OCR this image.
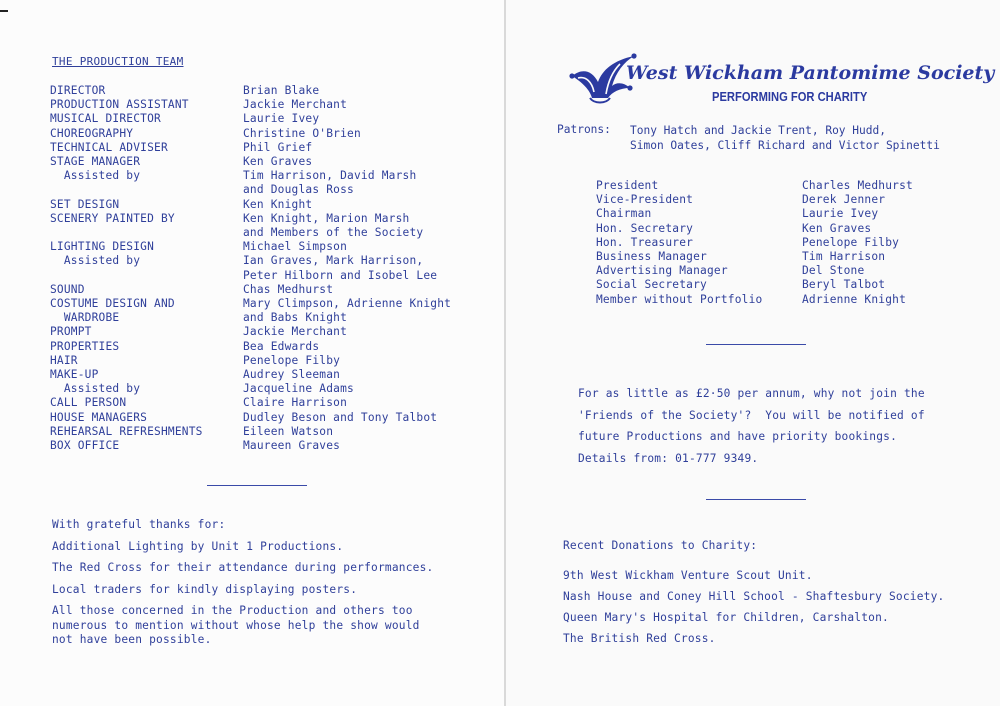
THE PRODUCTION TEAM
DIRECTOR
PRODUCTION ASSISTANT
MUSICAL DIRECTOR
CHOREOGRAPHY
TECHNICAL ADVISER
STAGE MANAGER
Assisted by

SET DESIGN
SCENERY PAINTED BY

LIGHTING DESIGN
Assisted by

SOUND
COSTUME DESIGN AND
WARDROBE
PROMPT
PROPERTIES
HAIR
MAKE-UP
Assisted by
CALL PERSON
HOUSE MANAGERS
REHEARSAL REFRESHMENTS
BOX OFFICE
Brian Blake
Jackie Merchant
Laurie Ivey
Christine O'Brien
Phil Grief
Ken Graves
Tim Harrison, David Marsh
and Douglas Ross
Ken Knight
Ken Knight, Marion Marsh
and Members of the Society
Michael Simpson
Ian Graves, Mark Harrison,
Peter Hilborn and Isobel Lee
Chas Medhurst
Mary Climpson, Adrienne Knight
and Babs Knight
Jackie Merchant
Bea Edwards
Penelope Filby
Audrey Sleeman
Jacqueline Adams
Claire Harrison
Dudley Beson and Tony Talbot
Eileen Watson
Maureen Graves
With grateful thanks for:
Additional Lighting by Unit 1 Productions.
The Red Cross for their attendance during performances.
Local traders for kindly displaying posters.
All those concerned in the Production and others too
numerous to mention without whose help the show would
not have been possible.
West Wickham Pantomime Society
PERFORMING FOR CHARITY
Patrons: Tony Hatch and Jackie Trent, Roy Hudd,
Simon Oates, Cliff Richard and Victor Spinetti
President
Vice-President
Chairman
Hon. Secretary
Hon. Treasurer
Business Manager
Advertising Manager
Social Secretary
Member without Portfolio
Charles Medhurst
Derek Jenner
Laurie Ivey
Ken Graves
Penelope Filby
Tim Harrison
Del Stone
Beryl Talbot
Adrienne Knight
For as little as £2·50 per annum, why not join the
'Friends of the Society'?  You will be notified of
future Productions and have priority bookings.
Details from: 01-777 9349.
Recent Donations to Charity:
9th West Wickham Venture Scout Unit.
Nash House and Coney Hill School - Shaftesbury Society.
Queen Mary's Hospital for Children, Carshalton.
The British Red Cross.
